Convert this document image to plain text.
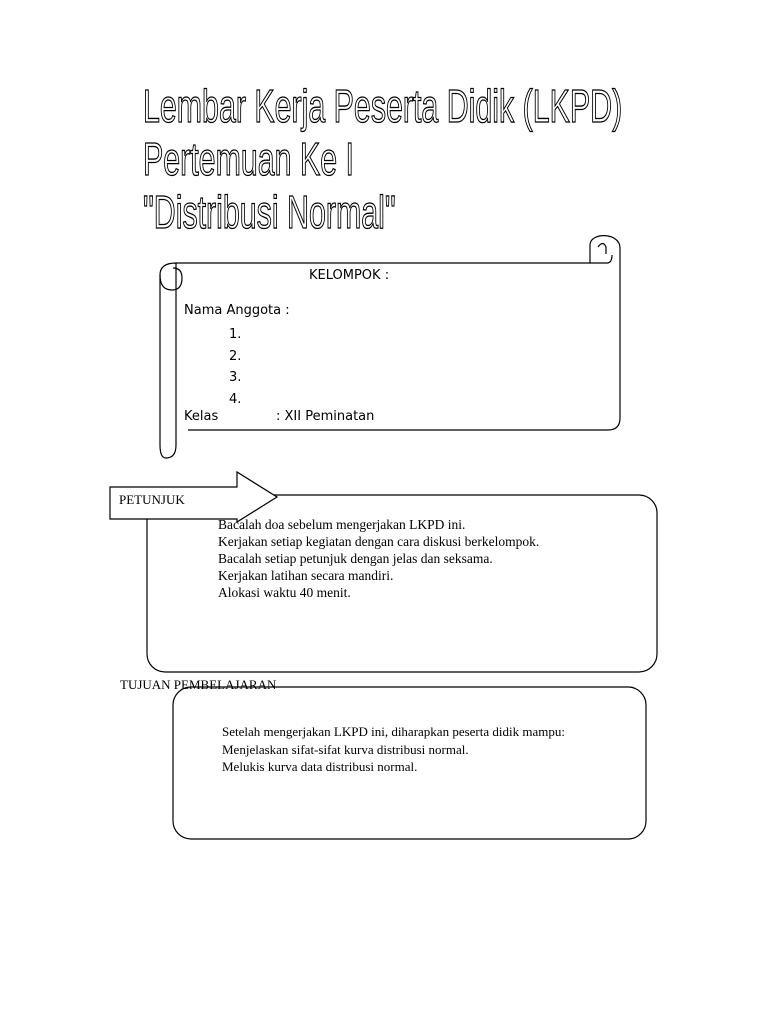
Lembar Kerja Peserta Didik (LKPD)
Pertemuan Ke I
"Distribusi Normal"
KELOMPOK :
Nama Anggota :
1.
2.
3.
4.
Kelas	: XII Peminatan
PETUNJUK
Bacalah doa sebelum mengerjakan LKPD ini.
Kerjakan setiap kegiatan dengan cara diskusi berkelompok.
Bacalah setiap petunjuk dengan jelas dan seksama.
Kerjakan latihan secara mandiri.
Alokasi waktu 40 menit.
TUJUAN PEMBELAJARAN
Setelah mengerjakan LKPD ini, diharapkan peserta didik mampu:
Menjelaskan sifat-sifat kurva distribusi normal.
Melukis kurva data distribusi normal.
